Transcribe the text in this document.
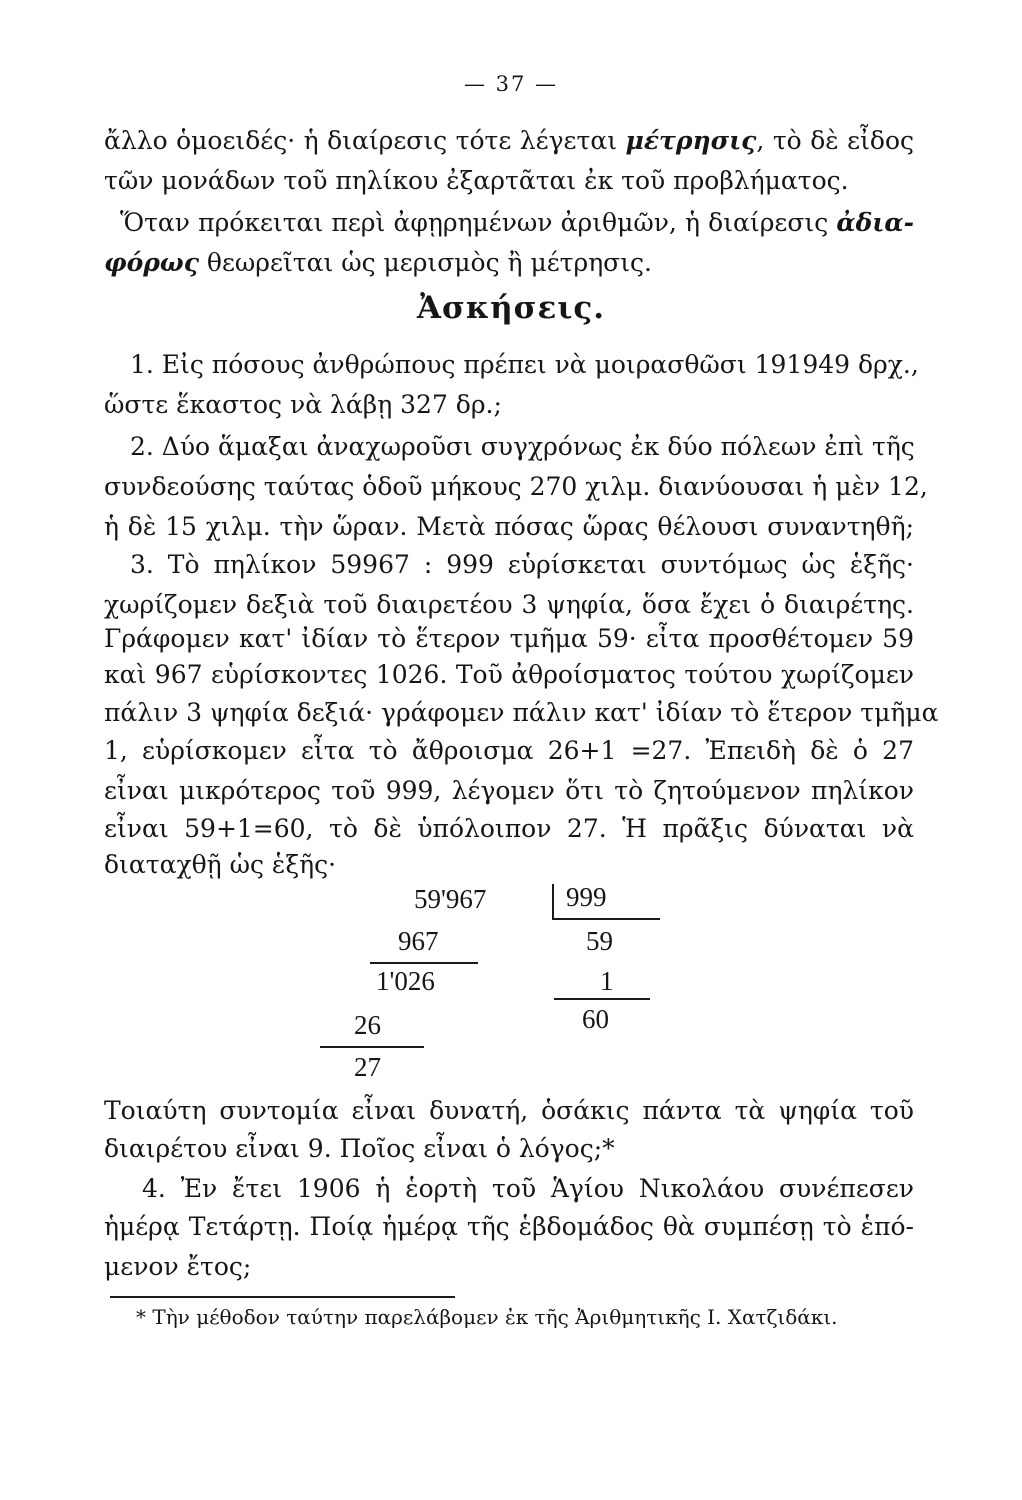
— 37 —
ἄλλο ὁμοειδές· ἡ διαίρεσις τότε λέγεται μέτρησις, τὸ δὲ εἶδος
τῶν μονάδων τοῦ πηλίκου ἐξαρτᾶται ἐκ τοῦ προβλήματος.
Ὅταν πρόκειται περὶ ἀφῃρημένων ἀριθμῶν, ἡ διαίρεσις ἀδια-
φόρως θεωρεῖται ὡς μερισμὸς ἢ μέτρησις.
Ἀσκήσεις.
1. Εἰς πόσους ἀνθρώπους πρέπει νὰ μοιρασθῶσι 191949 δρχ.,
ὥστε ἕκαστος νὰ λάβῃ 327 δρ.;
2. Δύο ἅμαξαι ἀναχωροῦσι συγχρόνως ἐκ δύο πόλεων ἐπὶ τῆς
συνδεούσης ταύτας ὁδοῦ μήκους 270 χιλμ. διανύουσαι ἡ μὲν 12,
ἡ δὲ 15 χιλμ. τὴν ὥραν. Μετὰ πόσας ὥρας θέλουσι συναντηθῆ;
3. Τὸ πηλίκον 59967 : 999 εὑρίσκεται συντόμως ὡς ἑξῆς·
χωρίζομεν δεξιὰ τοῦ διαιρετέου 3 ψηφία, ὅσα ἔχει ὁ διαιρέτης.
Γράφομεν κατ' ἰδίαν τὸ ἕτερον τμῆμα 59· εἶτα προσθέτομεν 59
καὶ 967 εὑρίσκοντες 1026. Τοῦ ἀθροίσματος τούτου χωρίζομεν
πάλιν 3 ψηφία δεξιά· γράφομεν πάλιν κατ' ἰδίαν τὸ ἕτερον τμῆμα
1, εὑρίσκομεν εἶτα τὸ ἄθροισμα 26+1 =27. Ἐπειδὴ δὲ ὁ 27
εἶναι μικρότερος τοῦ 999, λέγομεν ὅτι τὸ ζητούμενον πηλίκον
εἶναι 59+1=60, τὸ δὲ ὑπόλοιπον 27. Ἡ πρᾶξις δύναται νὰ
διαταχθῇ ὡς ἑξῆς·
59'967	999
967	59
1'026	1
26	60
27
Τοιαύτη συντομία εἶναι δυνατή, ὁσάκις πάντα τὰ ψηφία τοῦ
διαιρέτου εἶναι 9. Ποῖος εἶναι ὁ λόγος;*
4. Ἐν ἔτει 1906 ἡ ἑορτὴ τοῦ Ἁγίου Νικολάου συνέπεσεν
ἡμέρᾳ Τετάρτῃ. Ποίᾳ ἡμέρᾳ τῆς ἑβδομάδος θὰ συμπέσῃ τὸ ἑπό-
μενον ἔτος;
* Τὴν μέθοδον ταύτην παρελάβομεν ἐκ τῆς Ἀριθμητικῆς Ι. Χατζιδάκι.
